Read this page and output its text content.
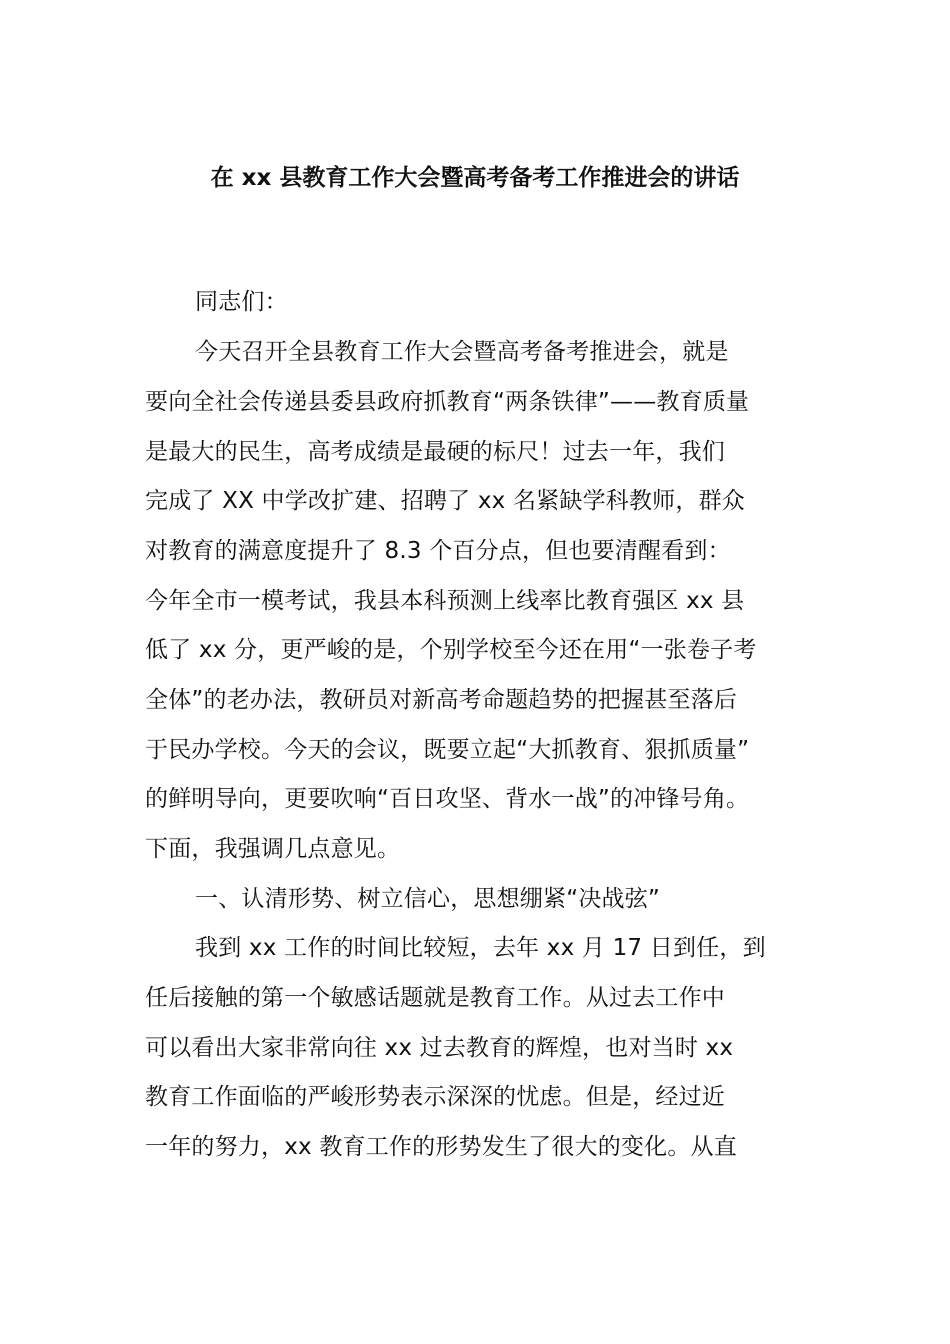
在 xx 县教育工作大会暨高考备考工作推进会的讲话
同志们：
今天召开全县教育工作大会暨高考备考推进会，就是
要向全社会传递县委县政府抓教育“两条铁律”——教育质量
是最大的民生，高考成绩是最硬的标尺！过去一年，我们
完成了 XX 中学改扩建、招聘了 xx 名紧缺学科教师，群众
对教育的满意度提升了 8.3 个百分点，但也要清醒看到：
今年全市一模考试，我县本科预测上线率比教育强区 xx 县
低了 xx 分，更严峻的是，个别学校至今还在用“一张卷子考
全体”的老办法，教研员对新高考命题趋势的把握甚至落后
于民办学校。今天的会议，既要立起“大抓教育、狠抓质量”
的鲜明导向，更要吹响“百日攻坚、背水一战”的冲锋号角。
下面，我强调几点意见。
一、认清形势、树立信心，思想绷紧“决战弦”
我到 xx 工作的时间比较短，去年 xx 月 17 日到任，到
任后接触的第一个敏感话题就是教育工作。从过去工作中
可以看出大家非常向往 xx 过去教育的辉煌，也对当时 xx
教育工作面临的严峻形势表示深深的忧虑。但是，经过近
一年的努力，xx 教育工作的形势发生了很大的变化。从直
